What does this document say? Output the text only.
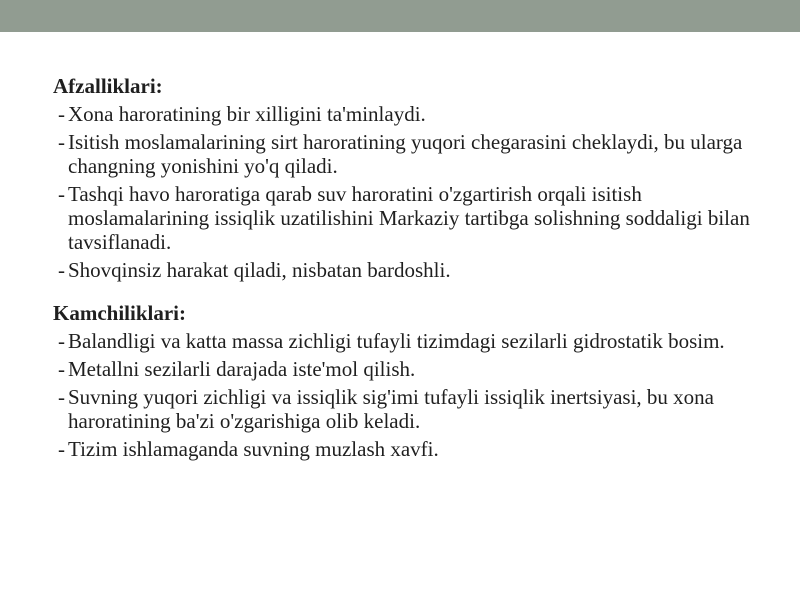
Afzalliklari:

- Xona haroratining bir xilligini ta'minlaydi.
- Isitish moslamalarining sirt haroratining yuqori chegarasini cheklaydi, bu ularga changning yonishini yo'q qiladi.
- Tashqi havo haroratiga qarab suv haroratini o'zgartirish orqali isitish moslamalarining issiqlik uzatilishini Markaziy tartibga solishning soddaligi bilan tavsiflanadi.
- Shovqinsiz harakat qiladi, nisbatan bardoshli.

Kamchiliklari:

- Balandligi va katta massa zichligi tufayli tizimdagi sezilarli gidrostatik bosim.
- Metallni sezilarli darajada iste'mol qilish.
- Suvning yuqori zichligi va issiqlik sig'imi tufayli issiqlik inertsiyasi, bu xona haroratining ba'zi o'zgarishiga olib keladi.
- Tizim ishlamaganda suvning muzlash xavfi.
